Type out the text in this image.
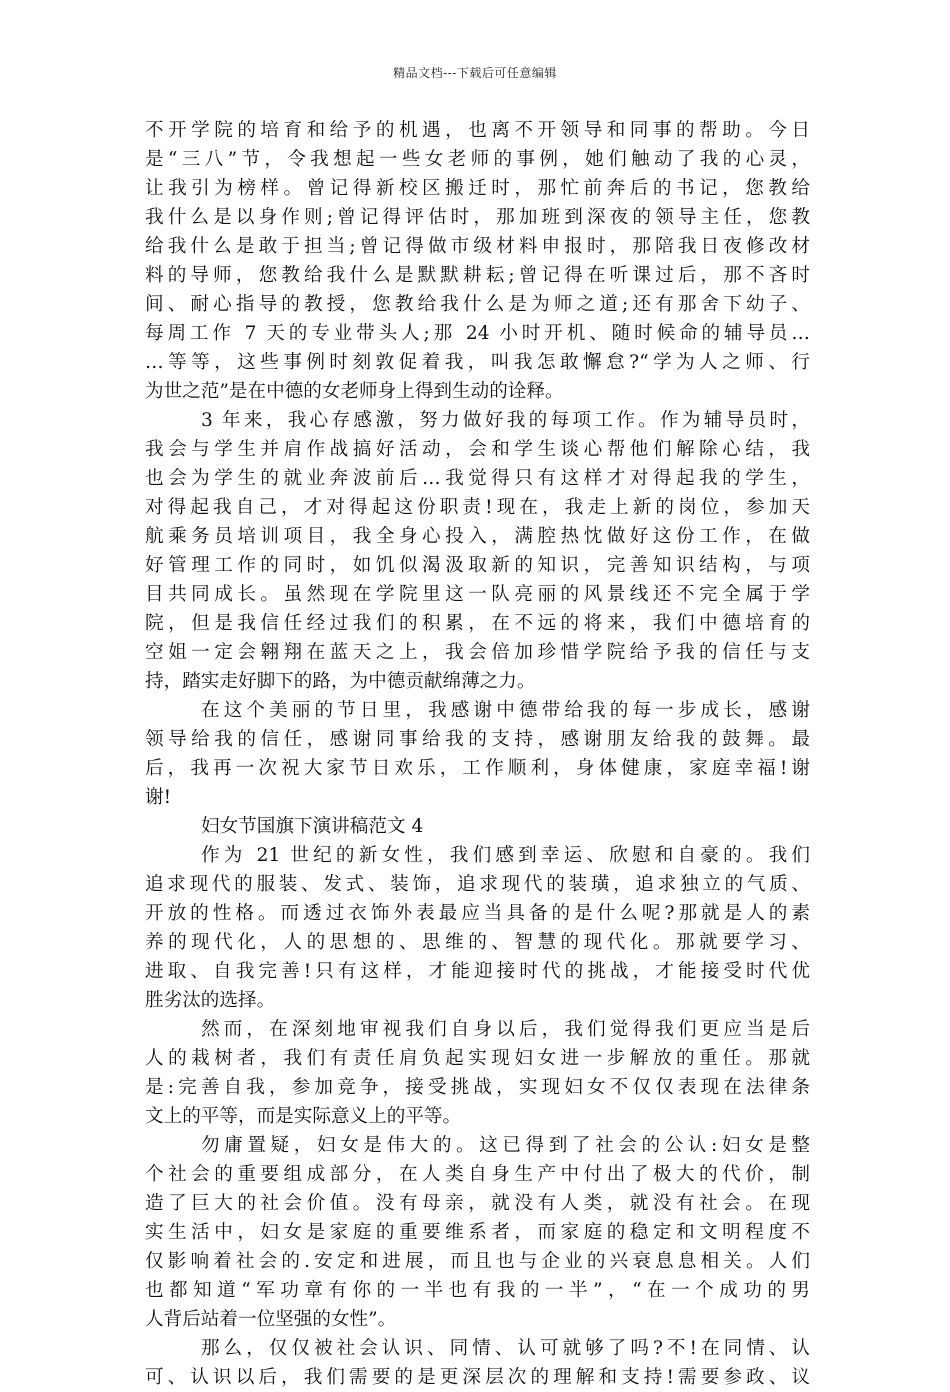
精品文档---下载后可任意编辑
不开学院的培育和给予的机遇，也离不开领导和同事的帮助。今日
是“三八”节，令我想起一些女老师的事例，她们触动了我的心灵，
让我引为榜样。曾记得新校区搬迁时，那忙前奔后的书记，您教给
我什么是以身作则;曾记得评估时，那加班到深夜的领导主任，您教
给我什么是敢于担当;曾记得做市级材料申报时，那陪我日夜修改材
料的导师，您教给我什么是默默耕耘;曾记得在听课过后，那不吝时
间、耐心指导的教授，您教给我什么是为师之道;还有那舍下幼子、
每周工作 7 天的专业带头人;那 24 小时开机、随时候命的辅导员…
…等等，这些事例时刻敦促着我，叫我怎敢懈怠?“学为人之师、行
为世之范”是在中德的女老师身上得到生动的诠释。
3 年来，我心存感激，努力做好我的每项工作。作为辅导员时，
我会与学生并肩作战搞好活动，会和学生谈心帮他们解除心结，我
也会为学生的就业奔波前后…我觉得只有这样才对得起我的学生，
对得起我自己，才对得起这份职责!现在，我走上新的岗位，参加天
航乘务员培训项目，我全身心投入，满腔热忱做好这份工作，在做
好管理工作的同时，如饥似渴汲取新的知识，完善知识结构，与项
目共同成长。虽然现在学院里这一队亮丽的风景线还不完全属于学
院，但是我信任经过我们的积累，在不远的将来，我们中德培育的
空姐一定会翱翔在蓝天之上，我会倍加珍惜学院给予我的信任与支
持，踏实走好脚下的路，为中德贡献绵薄之力。
在这个美丽的节日里，我感谢中德带给我的每一步成长，感谢
领导给我的信任，感谢同事给我的支持，感谢朋友给我的鼓舞。最
后，我再一次祝大家节日欢乐，工作顺利，身体健康，家庭幸福!谢
谢!
妇女节国旗下演讲稿范文 4
作为 21 世纪的新女性，我们感到幸运、欣慰和自豪的。我们
追求现代的服装、发式、装饰，追求现代的装璜，追求独立的气质、
开放的性格。而透过衣饰外表最应当具备的是什么呢?那就是人的素
养的现代化，人的思想的、思维的、智慧的现代化。那就要学习、
进取、自我完善!只有这样，才能迎接时代的挑战，才能接受时代优
胜劣汰的选择。
然而，在深刻地审视我们自身以后，我们觉得我们更应当是后
人的栽树者，我们有责任肩负起实现妇女进一步解放的重任。那就
是:完善自我，参加竞争，接受挑战，实现妇女不仅仅表现在法律条
文上的平等，而是实际意义上的平等。
勿庸置疑，妇女是伟大的。这已得到了社会的公认:妇女是整
个社会的重要组成部分，在人类自身生产中付出了极大的代价，制
造了巨大的社会价值。没有母亲，就没有人类，就没有社会。在现
实生活中，妇女是家庭的重要维系者，而家庭的稳定和文明程度不
仅影响着社会的.安定和进展，而且也与企业的兴衰息息相关。人们
也都知道“军功章有你的一半也有我的一半”，“在一个成功的男
人背后站着一位坚强的女性”。
那么，仅仅被社会认识、同情、认可就够了吗?不!在同情、认
可、认识以后，我们需要的是更深层次的理解和支持!需要参政、议
